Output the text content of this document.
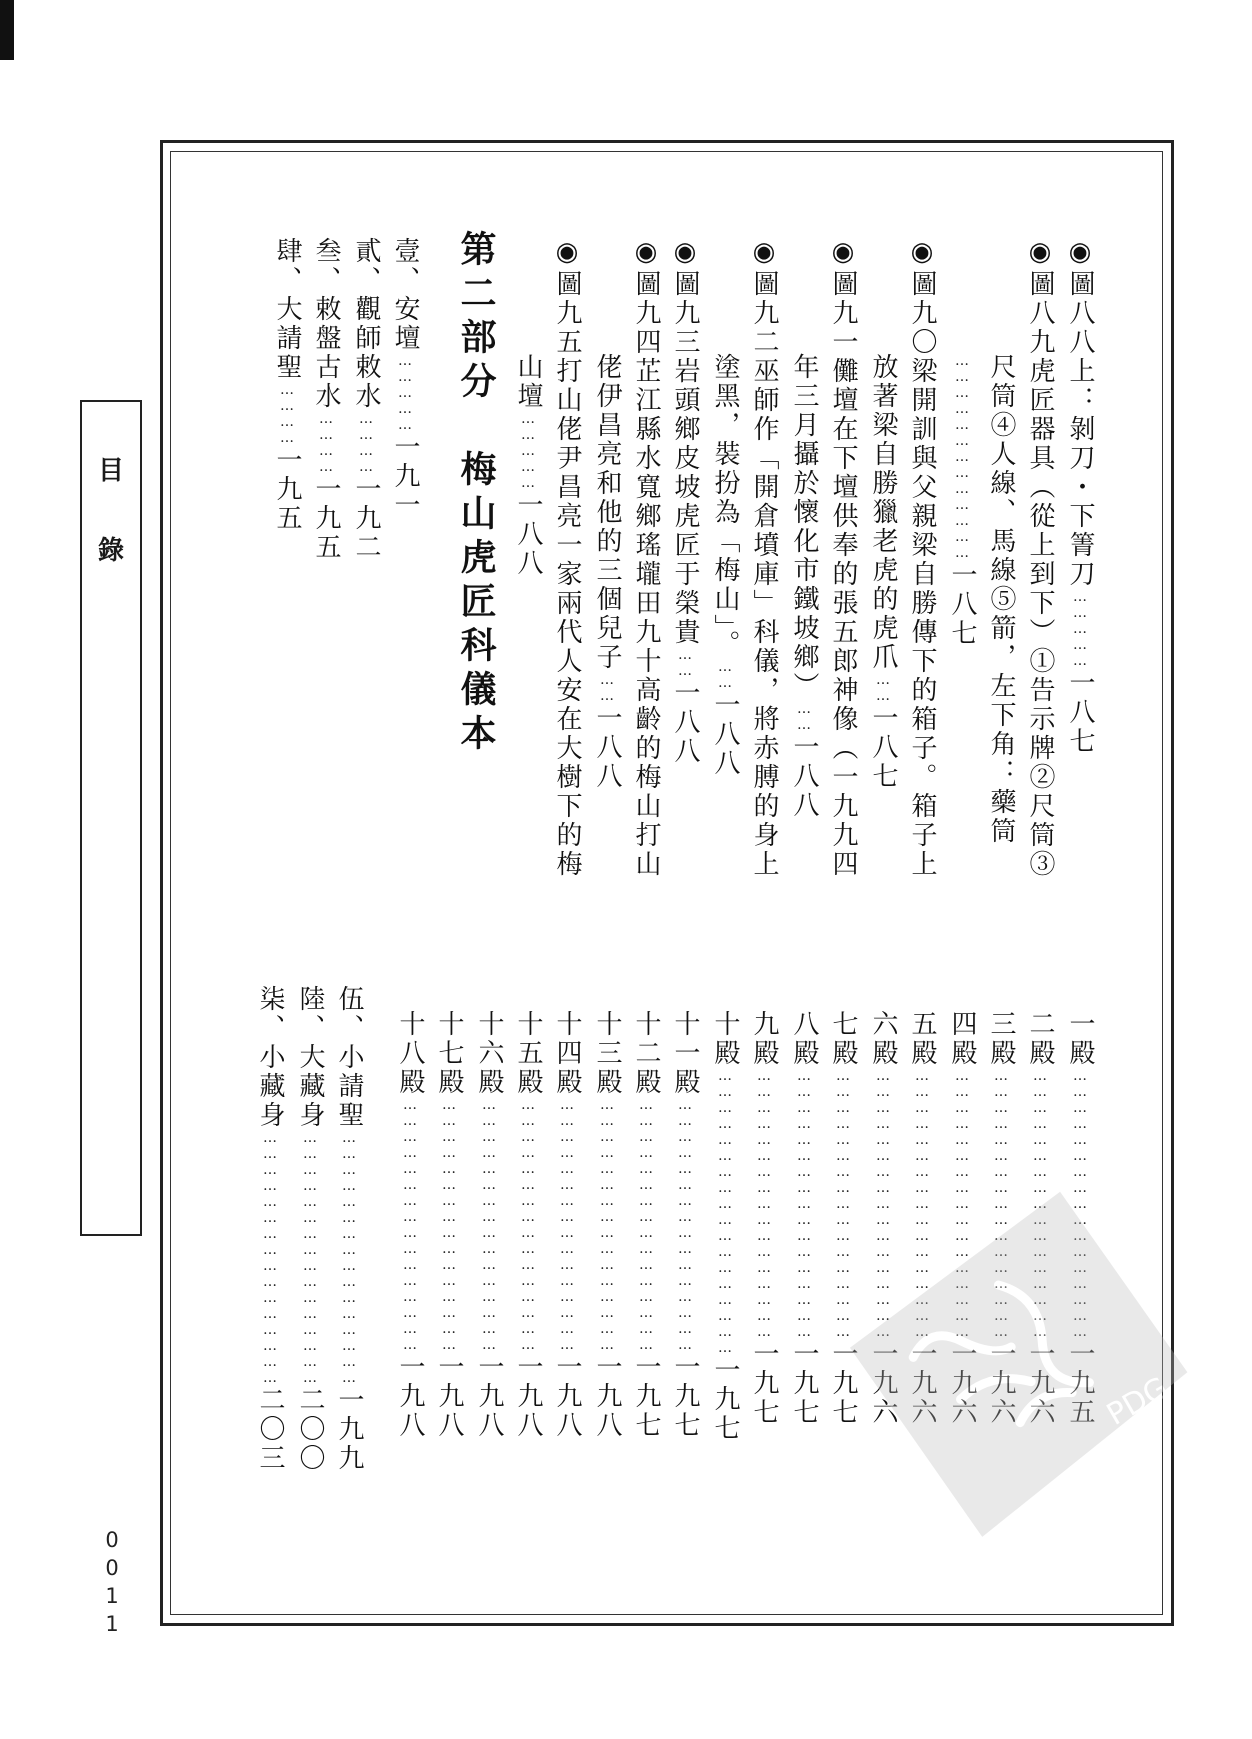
目
錄
0011
◉圖八八上：剝刀・下箐刀……………一八七
◉圖八九虎匠器具（從上到下）①告示牌②尺筒③
尺筒④人線、馬線⑤箭，左下角：藥筒
…………………………………一八七
◉圖九〇梁開訓與父親梁自勝傳下的箱子。箱子上
放著梁自勝獵老虎的虎爪……一八七
◉圖九一儺壇在下壇供奉的張五郎神像（一九九四
年三月攝於懷化市鐵坡鄉）……一八八
◉圖九二巫師作「開倉墳庫」科儀，將赤膊的身上
塗黑，裝扮為「梅山」。……一八八
◉圖九三岩頭鄉皮坡虎匠于榮貴……一八八
◉圖九四芷江縣水寬鄉瑤壠田九十高齡的梅山打山
佬伊昌亮和他的三個兒子……一八八
◉圖九五打山佬尹昌亮一家兩代人安在大樹下的梅
山壇……………一八八
第二部分　梅山虎匠科儀本
壹、安壇……………一九一
貳、觀師敕水…………一九二
叁、敕盤古水…………一九五
肆、大請聖…………一九五
一殿……………………………………………一九五
二殿……………………………………………一九六
三殿……………………………………………一九六
四殿……………………………………………一九六
五殿……………………………………………一九六
六殿……………………………………………一九六
七殿……………………………………………一九七
八殿……………………………………………一九七
九殿……………………………………………一九七
十殿………………………………………………一九七
十一殿…………………………………………一九七
十二殿…………………………………………一九七
十三殿…………………………………………一九八
十四殿…………………………………………一九八
十五殿…………………………………………一九八
十六殿…………………………………………一九八
十七殿…………………………………………一九八
十八殿…………………………………………一九八
伍、小請聖…………………………………………一九九
陸、大藏身…………………………………………二〇〇
柒、小藏身…………………………………………二〇三	PDG
